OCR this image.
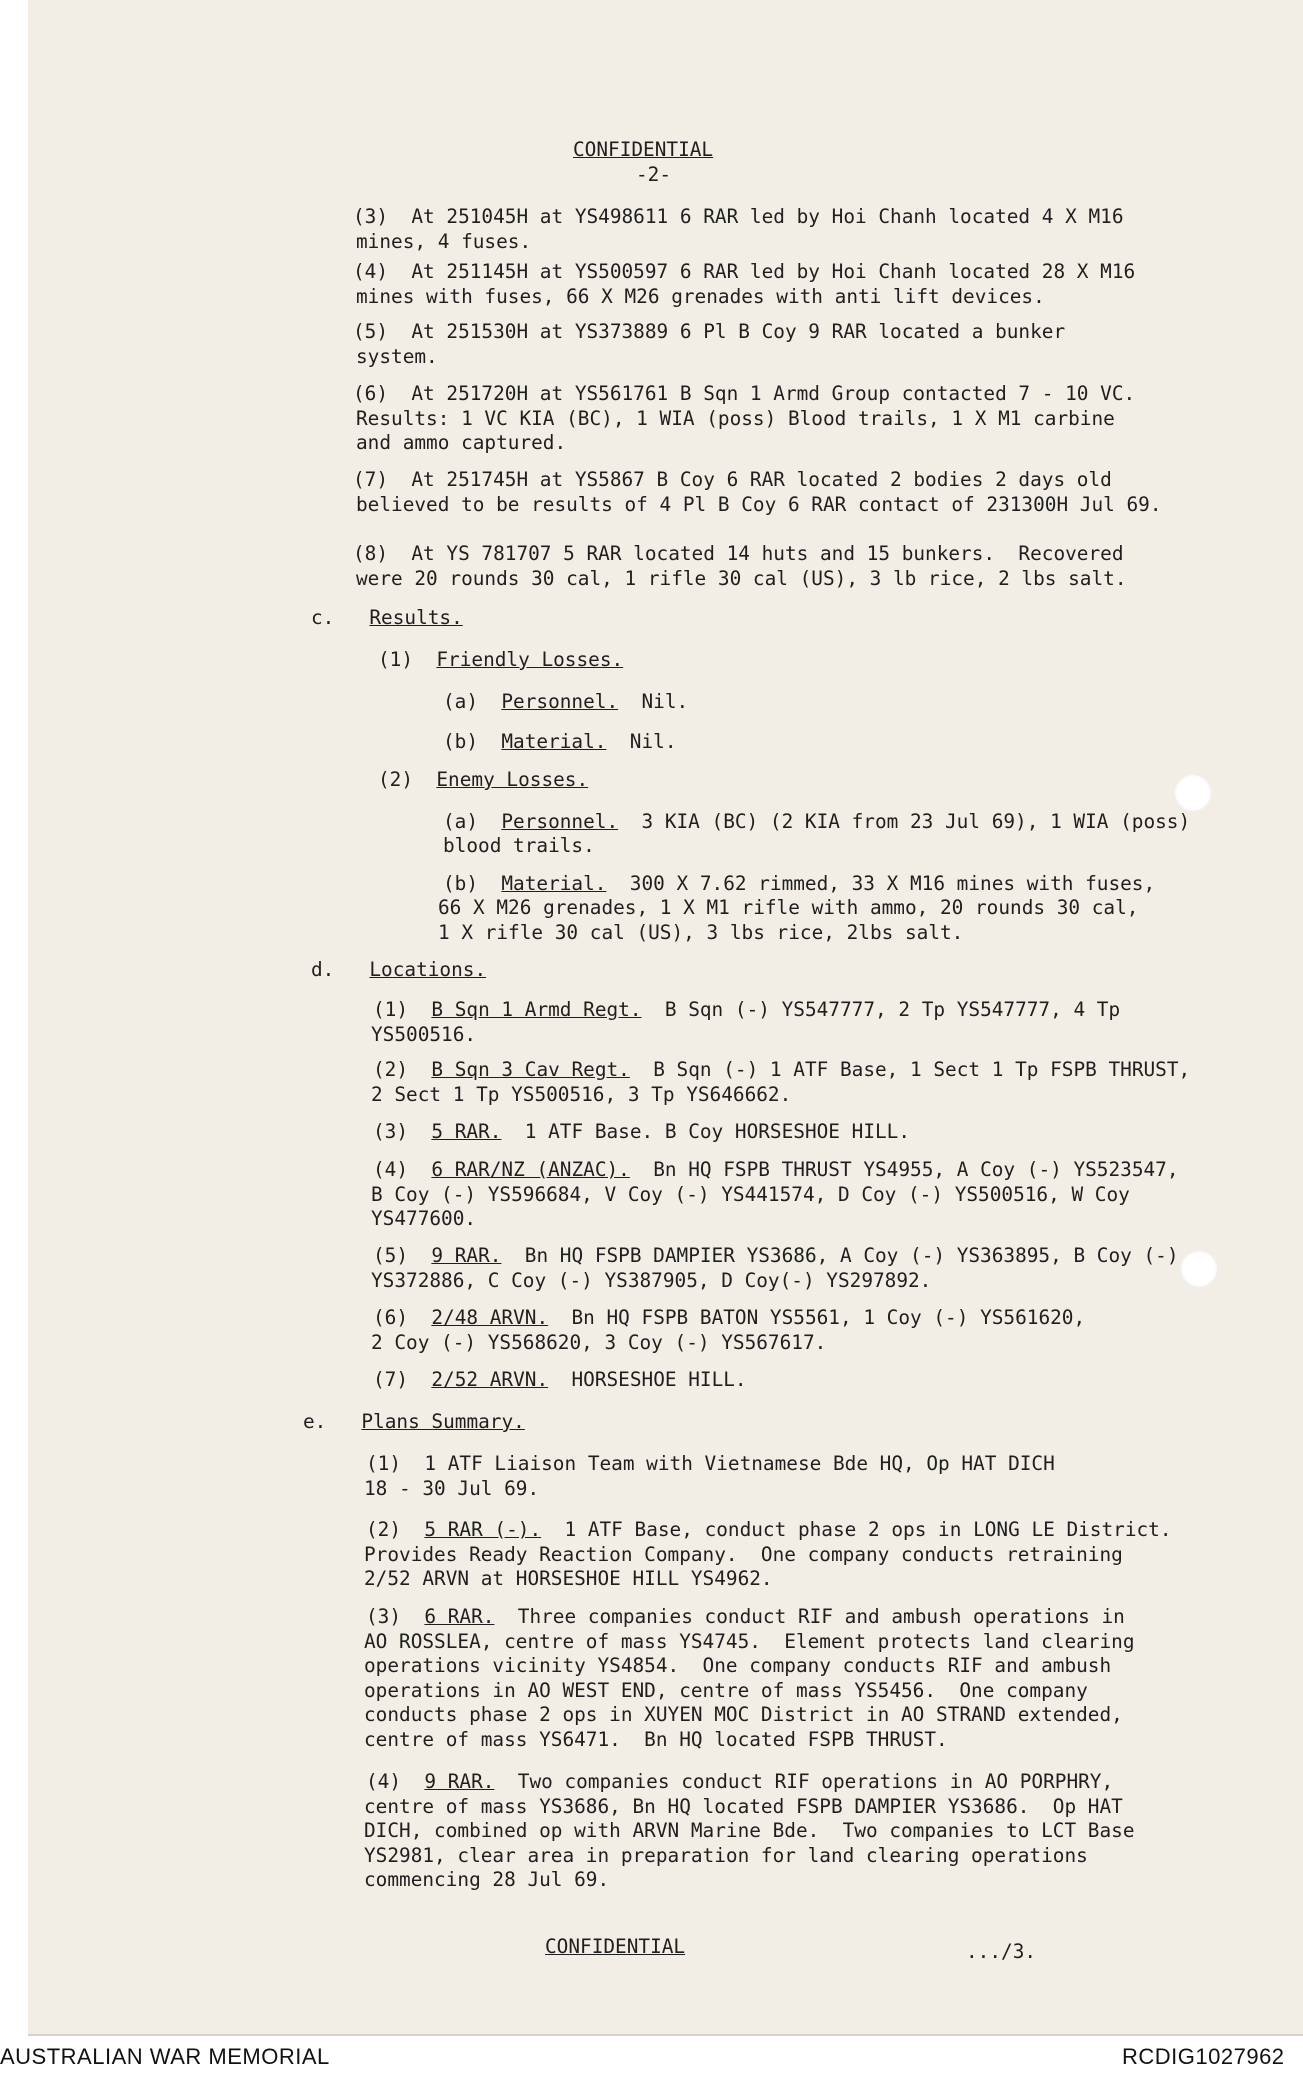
CONFIDENTIAL
-2-
(3)  At 251045H at YS498611 6 RAR led by Hoi Chanh located 4 X M16
mines, 4 fuses.
(4)  At 251145H at YS500597 6 RAR led by Hoi Chanh located 28 X M16
mines with fuses, 66 X M26 grenades with anti lift devices.
(5)  At 251530H at YS373889 6 Pl B Coy 9 RAR located a bunker
system.
(6)  At 251720H at YS561761 B Sqn 1 Armd Group contacted 7 - 10 VC.
Results: 1 VC KIA (BC), 1 WIA (poss) Blood trails, 1 X M1 carbine
and ammo captured.
(7)  At 251745H at YS5867 B Coy 6 RAR located 2 bodies 2 days old
believed to be results of 4 Pl B Coy 6 RAR contact of 231300H Jul 69.
(8)  At YS 781707 5 RAR located 14 huts and 15 bunkers.  Recovered
were 20 rounds 30 cal, 1 rifle 30 cal (US), 3 lb rice, 2 lbs salt.
c.   Results.
(1)  Friendly Losses.
(a)  Personnel.  Nil.
(b)  Material.  Nil.
(2)  Enemy Losses.
(a)  Personnel.  3 KIA (BC) (2 KIA from 23 Jul 69), 1 WIA (poss)
blood trails.
(b)  Material.  300 X 7.62 rimmed, 33 X M16 mines with fuses,
66 X M26 grenades, 1 X M1 rifle with ammo, 20 rounds 30 cal,
1 X rifle 30 cal (US), 3 lbs rice, 2lbs salt.
d.   Locations.
(1)  B Sqn 1 Armd Regt.  B Sqn (-) YS547777, 2 Tp YS547777, 4 Tp
YS500516.
(2)  B Sqn 3 Cav Regt.  B Sqn (-) 1 ATF Base, 1 Sect 1 Tp FSPB THRUST,
2 Sect 1 Tp YS500516, 3 Tp YS646662.
(3)  5 RAR.  1 ATF Base. B Coy HORSESHOE HILL.
(4)  6 RAR/NZ (ANZAC).  Bn HQ FSPB THRUST YS4955, A Coy (-) YS523547,
B Coy (-) YS596684, V Coy (-) YS441574, D Coy (-) YS500516, W Coy
YS477600.
(5)  9 RAR.  Bn HQ FSPB DAMPIER YS3686, A Coy (-) YS363895, B Coy (-)
YS372886, C Coy (-) YS387905, D Coy(-) YS297892.
(6)  2/48 ARVN.  Bn HQ FSPB BATON YS5561, 1 Coy (-) YS561620,
2 Coy (-) YS568620, 3 Coy (-) YS567617.
(7)  2/52 ARVN.  HORSESHOE HILL.
e.   Plans Summary.
(1)  1 ATF Liaison Team with Vietnamese Bde HQ, Op HAT DICH
18 - 30 Jul 69.
(2)  5 RAR (-).  1 ATF Base, conduct phase 2 ops in LONG LE District.
Provides Ready Reaction Company.  One company conducts retraining
2/52 ARVN at HORSESHOE HILL YS4962.
(3)  6 RAR.  Three companies conduct RIF and ambush operations in
AO ROSSLEA, centre of mass YS4745.  Element protects land clearing
operations vicinity YS4854.  One company conducts RIF and ambush
operations in AO WEST END, centre of mass YS5456.  One company
conducts phase 2 ops in XUYEN MOC District in AO STRAND extended,
centre of mass YS6471.  Bn HQ located FSPB THRUST.
(4)  9 RAR.  Two companies conduct RIF operations in AO PORPHRY,
centre of mass YS3686, Bn HQ located FSPB DAMPIER YS3686.  Op HAT
DICH, combined op with ARVN Marine Bde.  Two companies to LCT Base
YS2981, clear area in preparation for land clearing operations
commencing 28 Jul 69.
CONFIDENTIAL	.../3.
AUSTRALIAN WAR MEMORIAL	RCDIG1027962
